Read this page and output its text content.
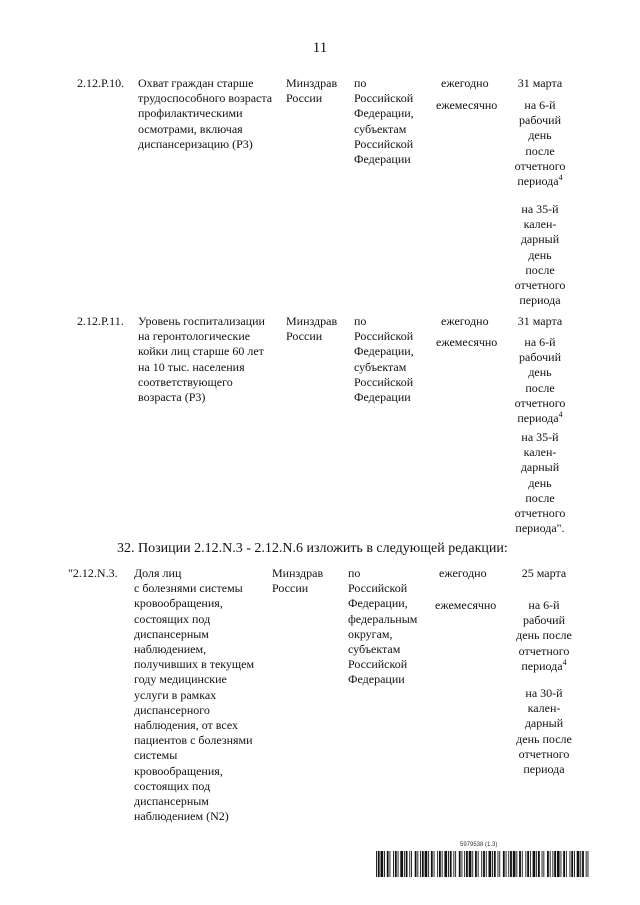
11
2.12.Р.10. Охват граждан старше
трудоспособного возраста
профилактическими
осмотрами, включая
диспансеризацию (Р3)
Минздрав
России
по
Российской
Федерации,
субъектам
Российской
Федерации
ежегодно
ежемесячно
31 марта
на 6-й
рабочий
день
после
отчетного
периода$^4$
на 35-й
кален-
дарный
день
после
отчетного
периода
2.12.Р.11. Уровень госпитализации
на геронтологические
койки лиц старше 60 лет
на 10 тыс. населения
соответствующего
возраста (Р3)
Минздрав
России
по
Российской
Федерации,
субъектам
Российской
Федерации
ежегодно
ежемесячно
31 марта
на 6-й
рабочий
день
после
отчетного
периода$^4$
на 35-й
кален-
дарный
день
после
отчетного
периода".
32. Позиции 2.12.N.3 - 2.12.N.6 изложить в следующей редакции:
"2.12.N.3. Доля лиц
с болезнями системы
кровообращения,
состоящих под
диспансерным
наблюдением,
получивших в текущем
году медицинские
услуги в рамках
диспансерного
наблюдения, от всех
пациентов с болезнями
системы
кровообращения,
состоящих под
диспансерным
наблюдением (N2)
Минздрав
России
по
Российской
Федерации,
федеральным
округам,
субъектам
Российской
Федерации
ежегодно
ежемесячно
25 марта
на 6-й
рабочий
день после
отчетного
периода$^4$
на 30-й
кален-
дарный
день после
отчетного
периода
5979538 (1.3)
